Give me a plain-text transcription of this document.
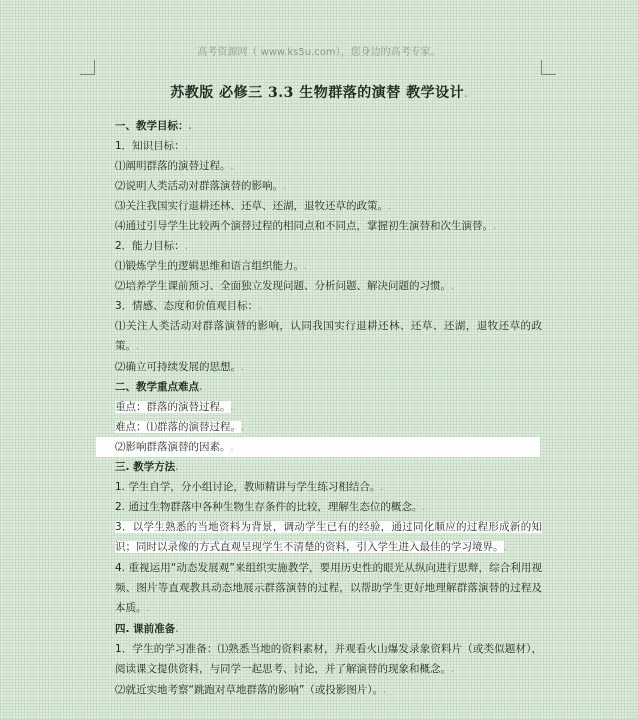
高考资源网（ www.ks5u.com），您身边的高考专家。
苏教版 必修三 3.3 生物群落的演替 教学设计.
一、教学目标：.
1．知识目标：.
⑴阐明群落的演替过程。.
⑵说明人类活动对群落演替的影响。.
⑶关注我国实行退耕还林、还草、还湖，退牧还草的政策。.
⑷通过引导学生比较两个演替过程的相同点和不同点，掌握初生演替和次生演替。.
2．能力目标：.
⑴锻炼学生的逻辑思维和语言组织能力。.
⑵培养学生课前预习、全面独立发现问题、分析问题、解决问题的习惯。.
3．情感、态度和价值观目标：.
⑴关注人类活动对群落演替的影响，认同我国实行退耕还林、还草、还湖，退牧还草的政策。.
⑵确立可持续发展的思想。.
二、教学重点难点.
重点：群落的演替过程。.
难点：⑴群落的演替过程。.
⑵影响群落演替的因素。.
三. 教学方法.
1. 学生自学，分小组讨论，教师精讲与学生练习相结合。.
2. 通过生物群落中各种生物生存条件的比较，理解生态位的概念。.
3．以学生熟悉的当地资料为背景，调动学生已有的经验，通过同化顺应的过程形成新的知识；同时以录像的方式直观呈现学生不清楚的资料，引入学生进入最佳的学习境界。.
4. 重视运用“动态发展观”来组织实施教学，要用历史性的眼光从纵向进行思辩，综合利用视频、图片等直观教具动态地展示群落演替的过程，以帮助学生更好地理解群落演替的过程及本质。.
四. 课前准备.
1．学生的学习准备：⑴熟悉当地的资料素材，并观看火山爆发录象资料片（或类似题材），阅读课文提供资料，与同学一起思考、讨论，并了解演替的现象和概念。.
⑵就近实地考察“跳跑对草地群落的影响”（或投影图片）。.
